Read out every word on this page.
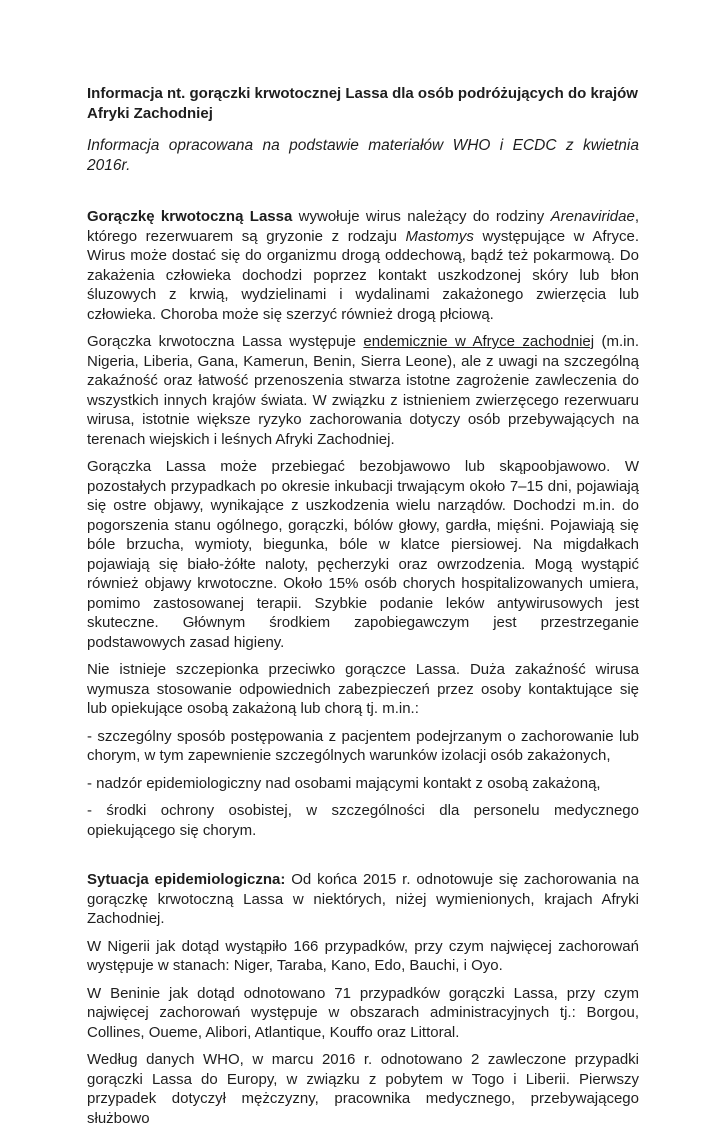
Informacja nt. gorączki krwotocznej Lassa dla osób podróżujących do krajów Afryki Zachodniej

Informacja opracowana na podstawie materiałów WHO i ECDC z kwietnia 2016r.

Gorączkę krwotoczną Lassa wywołuje wirus należący do rodziny Arenaviridae, którego rezerwuarem są gryzonie z rodzaju Mastomys występujące w Afryce. Wirus może dostać się do organizmu drogą oddechową, bądź też pokarmową. Do zakażenia człowieka dochodzi poprzez kontakt uszkodzonej skóry lub błon śluzowych z krwią, wydzielinami i wydalinami zakażonego zwierzęcia lub człowieka. Choroba może się szerzyć również drogą płciową.

Gorączka krwotoczna Lassa występuje endemicznie w Afryce zachodniej (m.in. Nigeria, Liberia, Gana, Kamerun, Benin, Sierra Leone), ale z uwagi na szczególną zakaźność oraz łatwość przenoszenia stwarza istotne zagrożenie zawleczenia do wszystkich innych krajów świata. W związku z istnieniem zwierzęcego rezerwuaru wirusa, istotnie większe ryzyko zachorowania dotyczy osób przebywających na terenach wiejskich i leśnych Afryki Zachodniej.

Gorączka Lassa może przebiegać bezobjawowo lub skąpoobjawowo. W pozostałych przypadkach po okresie inkubacji trwającym około 7–15 dni, pojawiają się ostre objawy, wynikające z uszkodzenia wielu narządów. Dochodzi m.in. do pogorszenia stanu ogólnego, gorączki, bólów głowy, gardła, mięśni. Pojawiają się bóle brzucha, wymioty, biegunka, bóle w klatce piersiowej. Na migdałkach pojawiają się biało-żółte naloty, pęcherzyki oraz owrzodzenia. Mogą wystąpić również objawy krwotoczne. Około 15% osób chorych hospitalizowanych umiera, pomimo zastosowanej terapii. Szybkie podanie leków antywirusowych jest skuteczne. Głównym środkiem zapobiegawczym jest przestrzeganie podstawowych zasad higieny.

Nie istnieje szczepionka przeciwko gorączce Lassa. Duża zakaźność wirusa wymusza stosowanie odpowiednich zabezpieczeń przez osoby kontaktujące się lub opiekujące osobą zakażoną lub chorą tj. m.in.:

- szczególny sposób postępowania z pacjentem podejrzanym o zachorowanie lub chorym, w tym zapewnienie szczególnych warunków izolacji osób zakażonych,

- nadzór epidemiologiczny nad osobami mającymi kontakt z osobą zakażoną,

- środki ochrony osobistej, w szczególności dla personelu medycznego opiekującego się chorym.

Sytuacja epidemiologiczna: Od końca 2015 r. odnotowuje się zachorowania na gorączkę krwotoczną Lassa w niektórych, niżej wymienionych, krajach Afryki Zachodniej.

W Nigerii jak dotąd wystąpiło 166 przypadków, przy czym najwięcej zachorowań występuje w stanach: Niger, Taraba, Kano, Edo, Bauchi, i Oyo.

W Beninie jak dotąd odnotowano 71 przypadków gorączki Lassa, przy czym najwięcej zachorowań występuje w obszarach administracyjnych tj.: Borgou, Collines, Oueme, Alibori, Atlantique, Kouffo oraz Littoral.

Według danych WHO, w marcu 2016 r. odnotowano 2 zawleczone przypadki gorączki Lassa do Europy, w związku z pobytem w Togo i Liberii. Pierwszy przypadek dotyczył mężczyzny, pracownika medycznego, przebywającego służbowo
